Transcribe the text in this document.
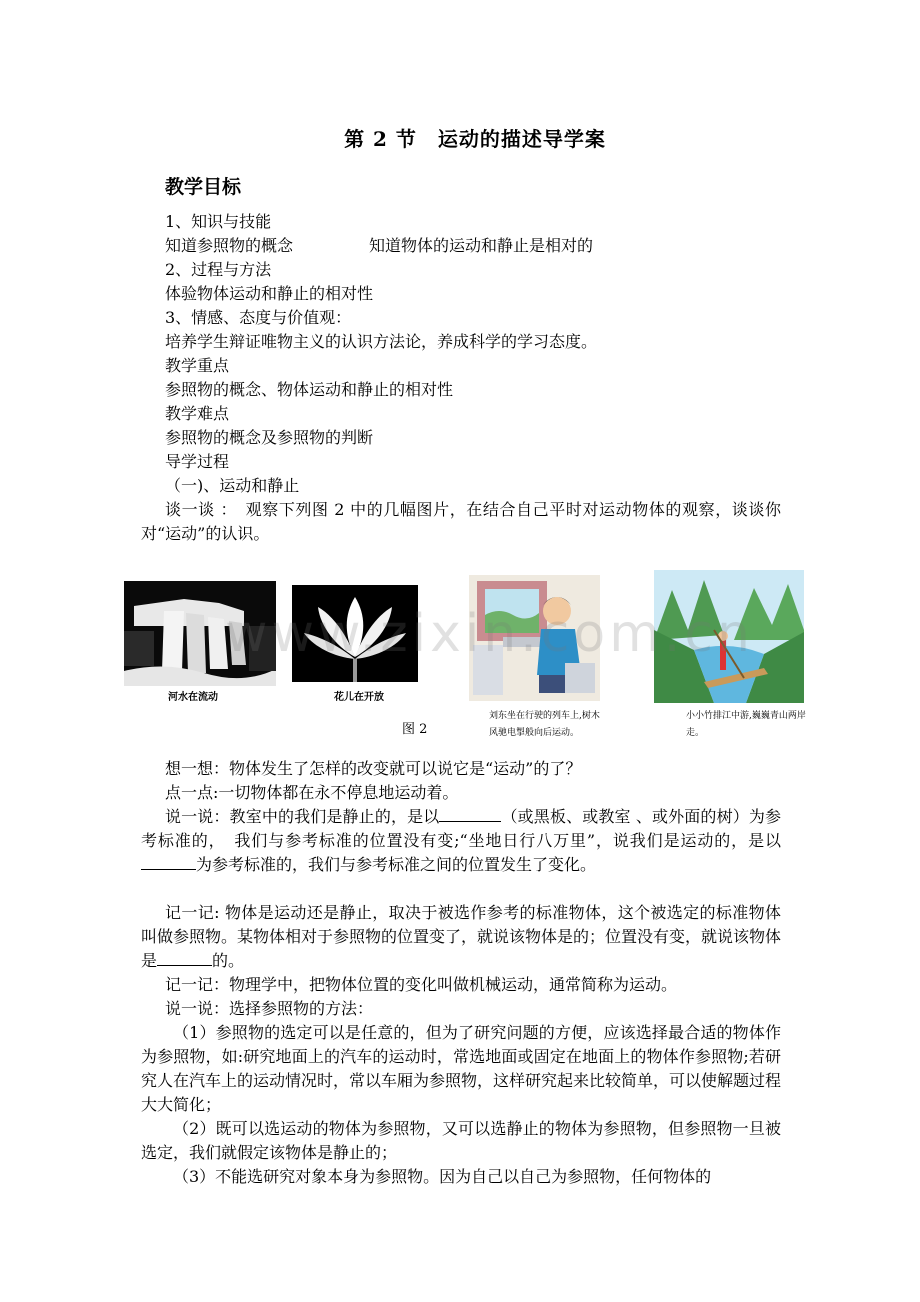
第 2 节　运动的描述导学案
教学目标
1、知识与技能
知道参照物的概念	知道物体的运动和静止是相对的
2、过程与方法
体验物体运动和静止的相对性
3、情感、态度与价值观：
培养学生辩证唯物主义的认识方法论，养成科学的学习态度。
教学重点
参照物的概念、物体运动和静止的相对性
教学难点
参照物的概念及参照物的判断
导学过程
（一)、运动和静止
谈一谈 ：　观察下列图 2 中的几幅图片，在结合自己平时对运动物体的观察，谈谈你对“运动”的认识。
河水在流动	花儿在开放
刘东坐在行驶的列车上,树木风驰电掣般向后运动。
小小竹排江中游,巍巍青山两岸走。
图 2
www.zixin.com.cn
想一想：物体发生了怎样的改变就可以说它是“运动”的了？
点一点:一切物体都在永不停息地运动着。
说一说：教室中的我们是静止的，是以	（或黑板、或教室 、或外面的树）为参考标准的，　我们与参考标准的位置没有变;“坐地日行八万里”，说我们是运动的，是以为参考标准的，我们与参考标准之间的位置发生了变化。
记一记: 物体是运动还是静止，取决于被选作参考的标准物体，这个被选定的标准物体叫做参照物。某物体相对于参照物的位置变了，就说该物体是的；位置没有变，就说该物体是	的。
记一记：物理学中，把物体位置的变化叫做机械运动，通常简称为运动。
说一说：选择参照物的方法：
（1）参照物的选定可以是任意的，但为了研究问题的方便，应该选择最合适的物体作为参照物，如:研究地面上的汽车的运动时，常选地面或固定在地面上的物体作参照物;若研究人在汽车上的运动情况时，常以车厢为参照物，这样研究起来比较简单，可以使解题过程大大简化；
（2）既可以选运动的物体为参照物，又可以选静止的物体为参照物，但参照物一旦被选定，我们就假定该物体是静止的；
（3）不能选研究对象本身为参照物。因为自己以自己为参照物，任何物体的
